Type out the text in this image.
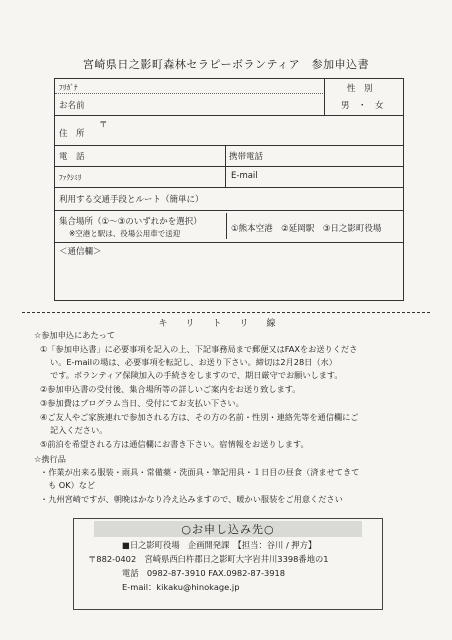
宮崎県日之影町森林セラピーボランティア　参加申込書
ﾌﾘｶﾞﾅ
お名前
性　別
男　・　女
住　所
〒
電　話	携帯電話
ﾌｧｸｼﾐﾘ	E-mail
利用する交通手段とルート（簡単に）
集合場所（①～③のいずれかを選択）
※空港と駅は、役場公用車で送迎	①熊本空港　②延岡駅　③日之影町役場
＜通信欄＞
キリトリ線
☆参加申込にあたって
①「参加申込書」に必要事項を記入の上、下記事務局まで郵便又はFAXをお送りくださ
い。E-mailの場は、必要事項を転記し、お送り下さい。締切は2月28日（水）
です。ボランティア保険加入の手続きをしますので、期日厳守でお願いします。
②参加申込書の受付後、集合場所等の詳しいご案内をお送り致します。
③参加費はプログラム当日、受付にてお支払い下さい。
④ご友人やご家族連れで参加される方は、その方の名前・性別・連絡先等を通信欄にご
記入ください。
⑤前泊を希望される方は通信欄にお書き下さい。宿情報をお送りします。
☆携行品
・作業が出来る服装・雨具・常備薬・洗面具・筆記用具・１日目の昼食（済ませてきて
も OK）など
・九州宮崎ですが、朝晩はかなり冷え込みますので、暖かい服装をご用意ください
○お申し込み先○
■日之影町役場　企画開発課　【担当：谷川 / 押方】
〒882-0402　宮崎県西臼杵郡日之影町大字岩井川3398番地の1
電話　0982-87-3910 FAX.0982-87-3918
E-mail：kikaku@hinokage.jp
